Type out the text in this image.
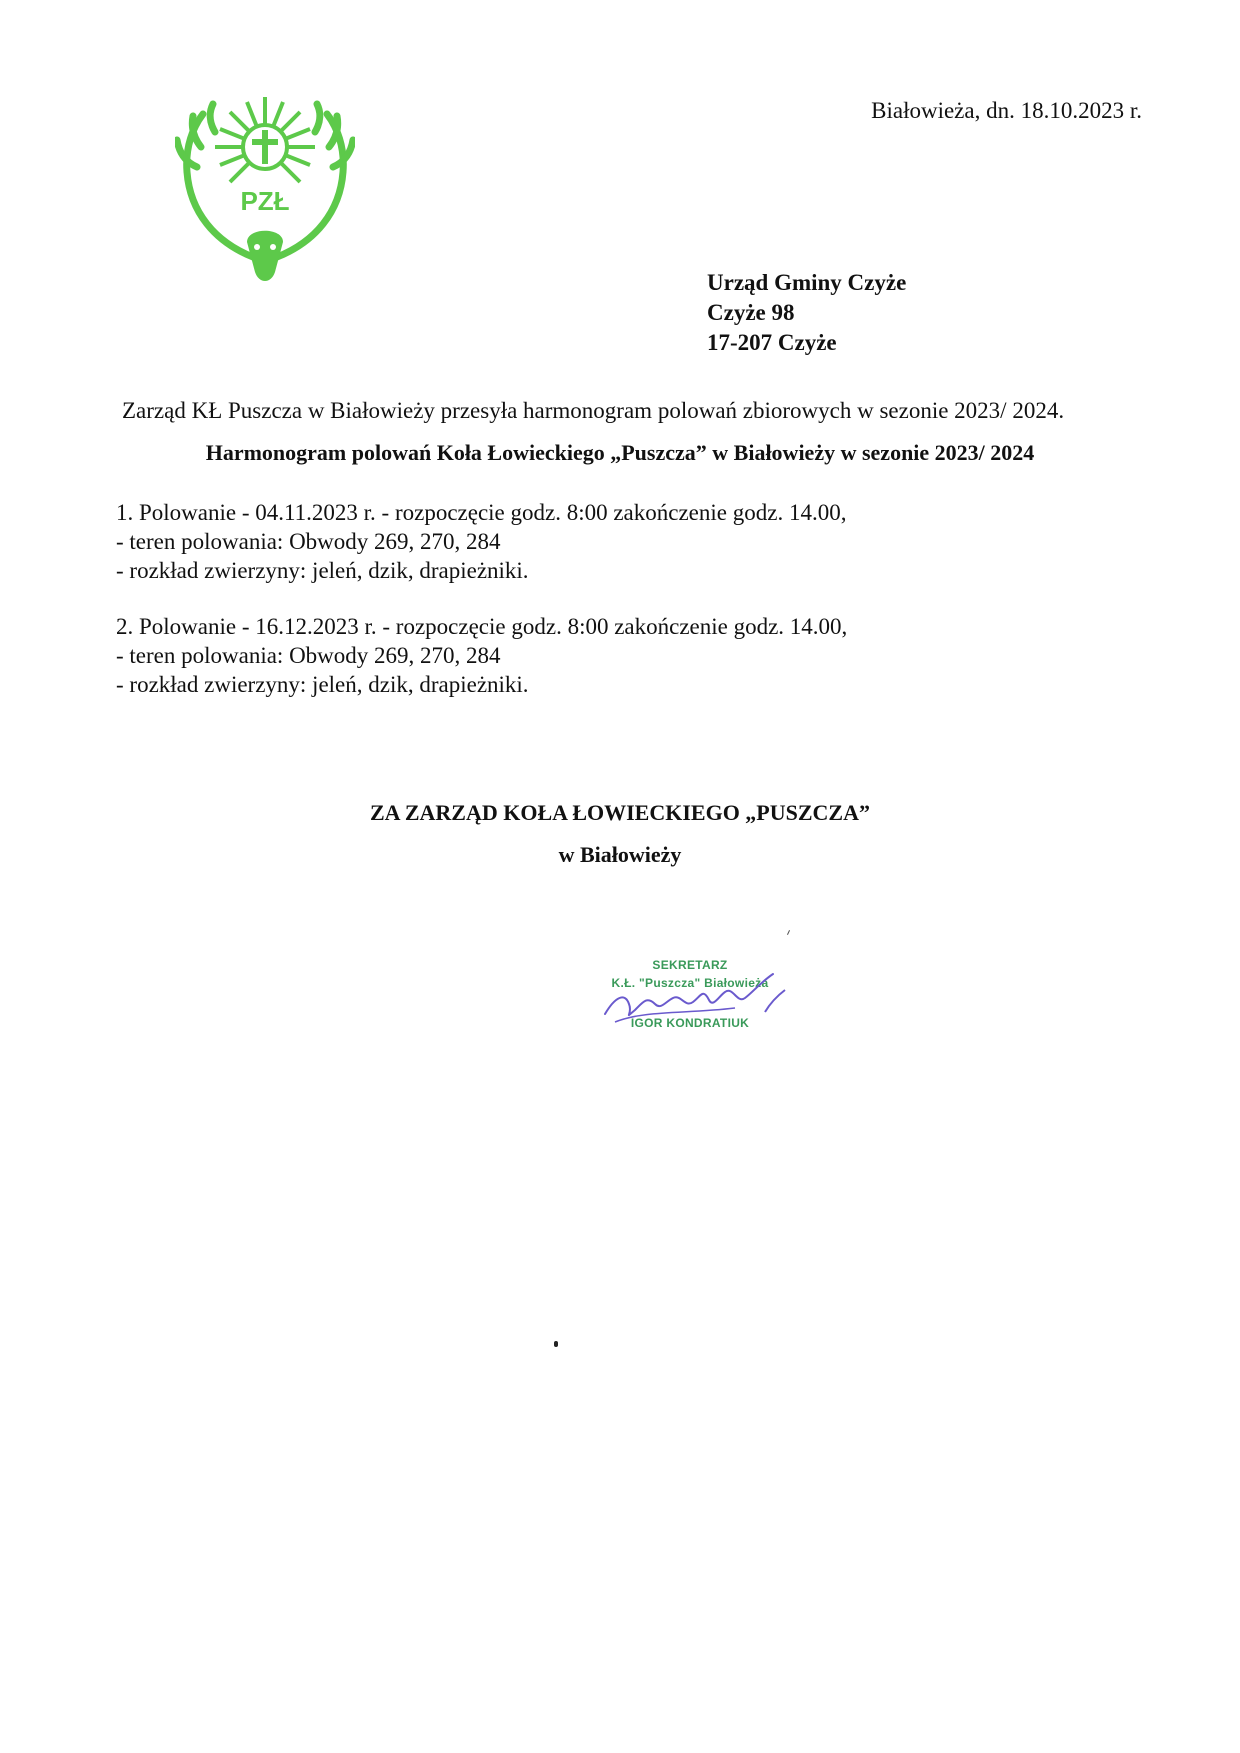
PZŁ
Białowieża, dn. 18.10.2023 r.
Urząd Gminy Czyże
Czyże 98
17-207 Czyże
Zarząd KŁ Puszcza w Białowieży przesyła harmonogram polowań zbiorowych w sezonie 2023/ 2024.
Harmonogram polowań Koła Łowieckiego „Puszcza” w Białowieży w sezonie 2023/ 2024
1. Polowanie - 04.11.2023 r. - rozpoczęcie godz. 8:00 zakończenie godz. 14.00,
- teren polowania: Obwody 269, 270, 284
- rozkład zwierzyny: jeleń, dzik, drapieżniki.
2. Polowanie - 16.12.2023 r. - rozpoczęcie godz. 8:00 zakończenie godz. 14.00,
- teren polowania: Obwody 269, 270, 284
- rozkład zwierzyny: jeleń, dzik, drapieżniki.
ZA ZARZĄD KOŁA ŁOWIECKIEGO „PUSZCZA”
w Białowieży
SEKRETARZ
K.Ł. "Puszcza" Białowieża
IGOR KONDRATIUK
